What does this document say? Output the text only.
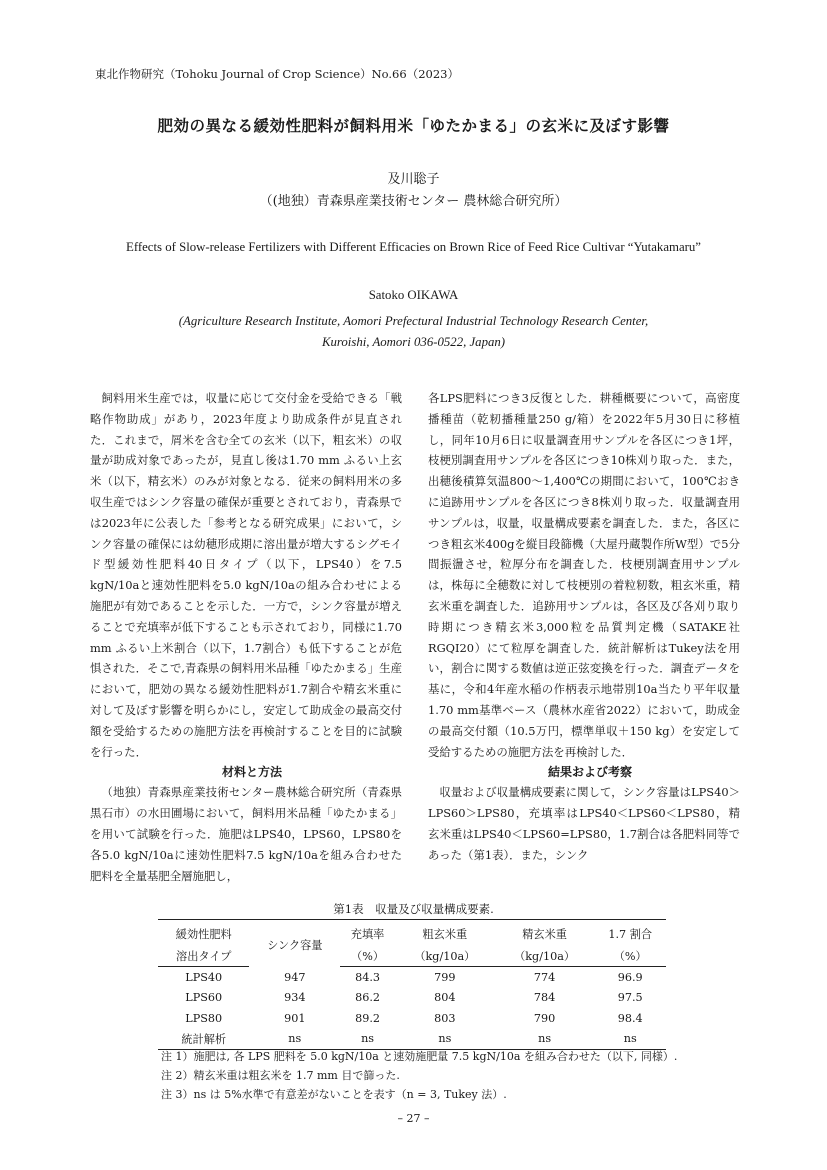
東北作物研究（Tohoku Journal of Crop Science）No.66（2023）
肥効の異なる緩効性肥料が飼料用米「ゆたかまる」の玄米に及ぼす影響
及川聡子
（(地独）青森県産業技術センター 農林総合研究所）
Effects of Slow-release Fertilizers with Different Efficacies on Brown Rice of Feed Rice Cultivar “Yutakamaru”
Satoko OIKAWA
(Agriculture Research Institute, Aomori Prefectural Industrial Technology Research Center,
Kuroishi, Aomori 036-0522, Japan)

飼料用米生産では，収量に応じて交付金を受給できる「戦略作物助成」があり，2023年度より助成条件が見直された．これまで，屑米を含む全ての玄米（以下，粗玄米）の収量が助成対象であったが，見直し後は1.70 mm ふるい上玄米（以下，精玄米）のみが対象となる．従来の飼料用米の多収生産ではシンク容量の確保が重要とされており，青森県では2023年に公表した「参考となる研究成果」において，シンク容量の確保には幼穂形成期に溶出量が増大するシグモイド型緩効性肥料40日タイプ（以下，LPS40）を7.5 kgN/10aと速効性肥料を5.0 kgN/10aの組み合わせによる施肥が有効であることを示した．一方で，シンク容量が増えることで充填率が低下することも示されており，同様に1.70 mm ふるい上米割合（以下，1.7割合）も低下することが危惧された．そこで,青森県の飼料用米品種「ゆたかまる」生産において，肥効の異なる緩効性肥料が1.7割合や精玄米重に対して及ぼす影響を明らかにし，安定して助成金の最高交付額を受給するための施肥方法を再検討することを目的に試験を行った．

材料と方法

（地独）青森県産業技術センター農林総合研究所（青森県黒石市）の水田圃場において，飼料用米品種「ゆたかまる」を用いて試験を行った．施肥はLPS40，LPS60，LPS80を各5.0 kgN/10aに速効性肥料7.5 kgN/10aを組み合わせた肥料を全量基肥全層施肥し，

各LPS肥料につき3反復とした．耕種概要について，高密度播種苗（乾籾播種量250 g/箱）を2022年5月30日に移植し，同年10月6日に収量調査用サンプルを各区につき1坪，枝梗別調査用サンプルを各区につき10株刈り取った．また，出穂後積算気温800～1,400℃の期間において，100℃おきに追跡用サンプルを各区につき8株刈り取った．収量調査用サンプルは，収量，収量構成要素を調査した．また，各区につき粗玄米400gを縦目段篩機（大屋丹蔵製作所W型）で5分間振盪させ，粒厚分布を調査した．枝梗別調査用サンプルは，株毎に全穂数に対して枝梗別の着粒籾数，粗玄米重，精玄米重を調査した．追跡用サンプルは，各区及び各刈り取り時期につき精玄米3,000粒を品質判定機（SATAKE社RGQI20）にて粒厚を調査した．統計解析はTukey法を用い，割合に関する数値は逆正弦変換を行った．調査データを基に，令和4年産水稲の作柄表示地帯別10a当たり平年収量1.70 mm基準ベース（農林水産省2022）において，助成金の最高交付額（10.5万円，標準単収＋150 kg）を安定して受給するための施肥方法を再検討した．

結果および考察

収量および収量構成要素に関して，シンク容量はLPS40＞LPS60＞LPS80，充填率はLPS40＜LPS60＜LPS80，精玄米重はLPS40＜LPS60=LPS80，1.7割合は各肥料同等であった（第1表）．また，シンク

第1表　収量及び収量構成要素.
緩効性肥料	シンク容量	充填率	粗玄米重	精玄米重	1.7 割合
溶出タイプ		（%）	（kg/10a）	（kg/10a）	（%）
LPS40	947	84.3	799	774	96.9
LPS60	934	86.2	804	784	97.5
LPS80	901	89.2	803	790	98.4
統計解析	ns	ns	ns	ns	ns
注 1）施肥は, 各 LPS 肥料を 5.0 kgN/10a と速効施肥量 7.5 kgN/10a を組み合わせた（以下, 同様）.
注 2）精玄米重は粗玄米を 1.7 mm 目で篩った.
注 3）ns は 5%水準で有意差がないことを表す（n = 3, Tukey 法）.
– 27 –
